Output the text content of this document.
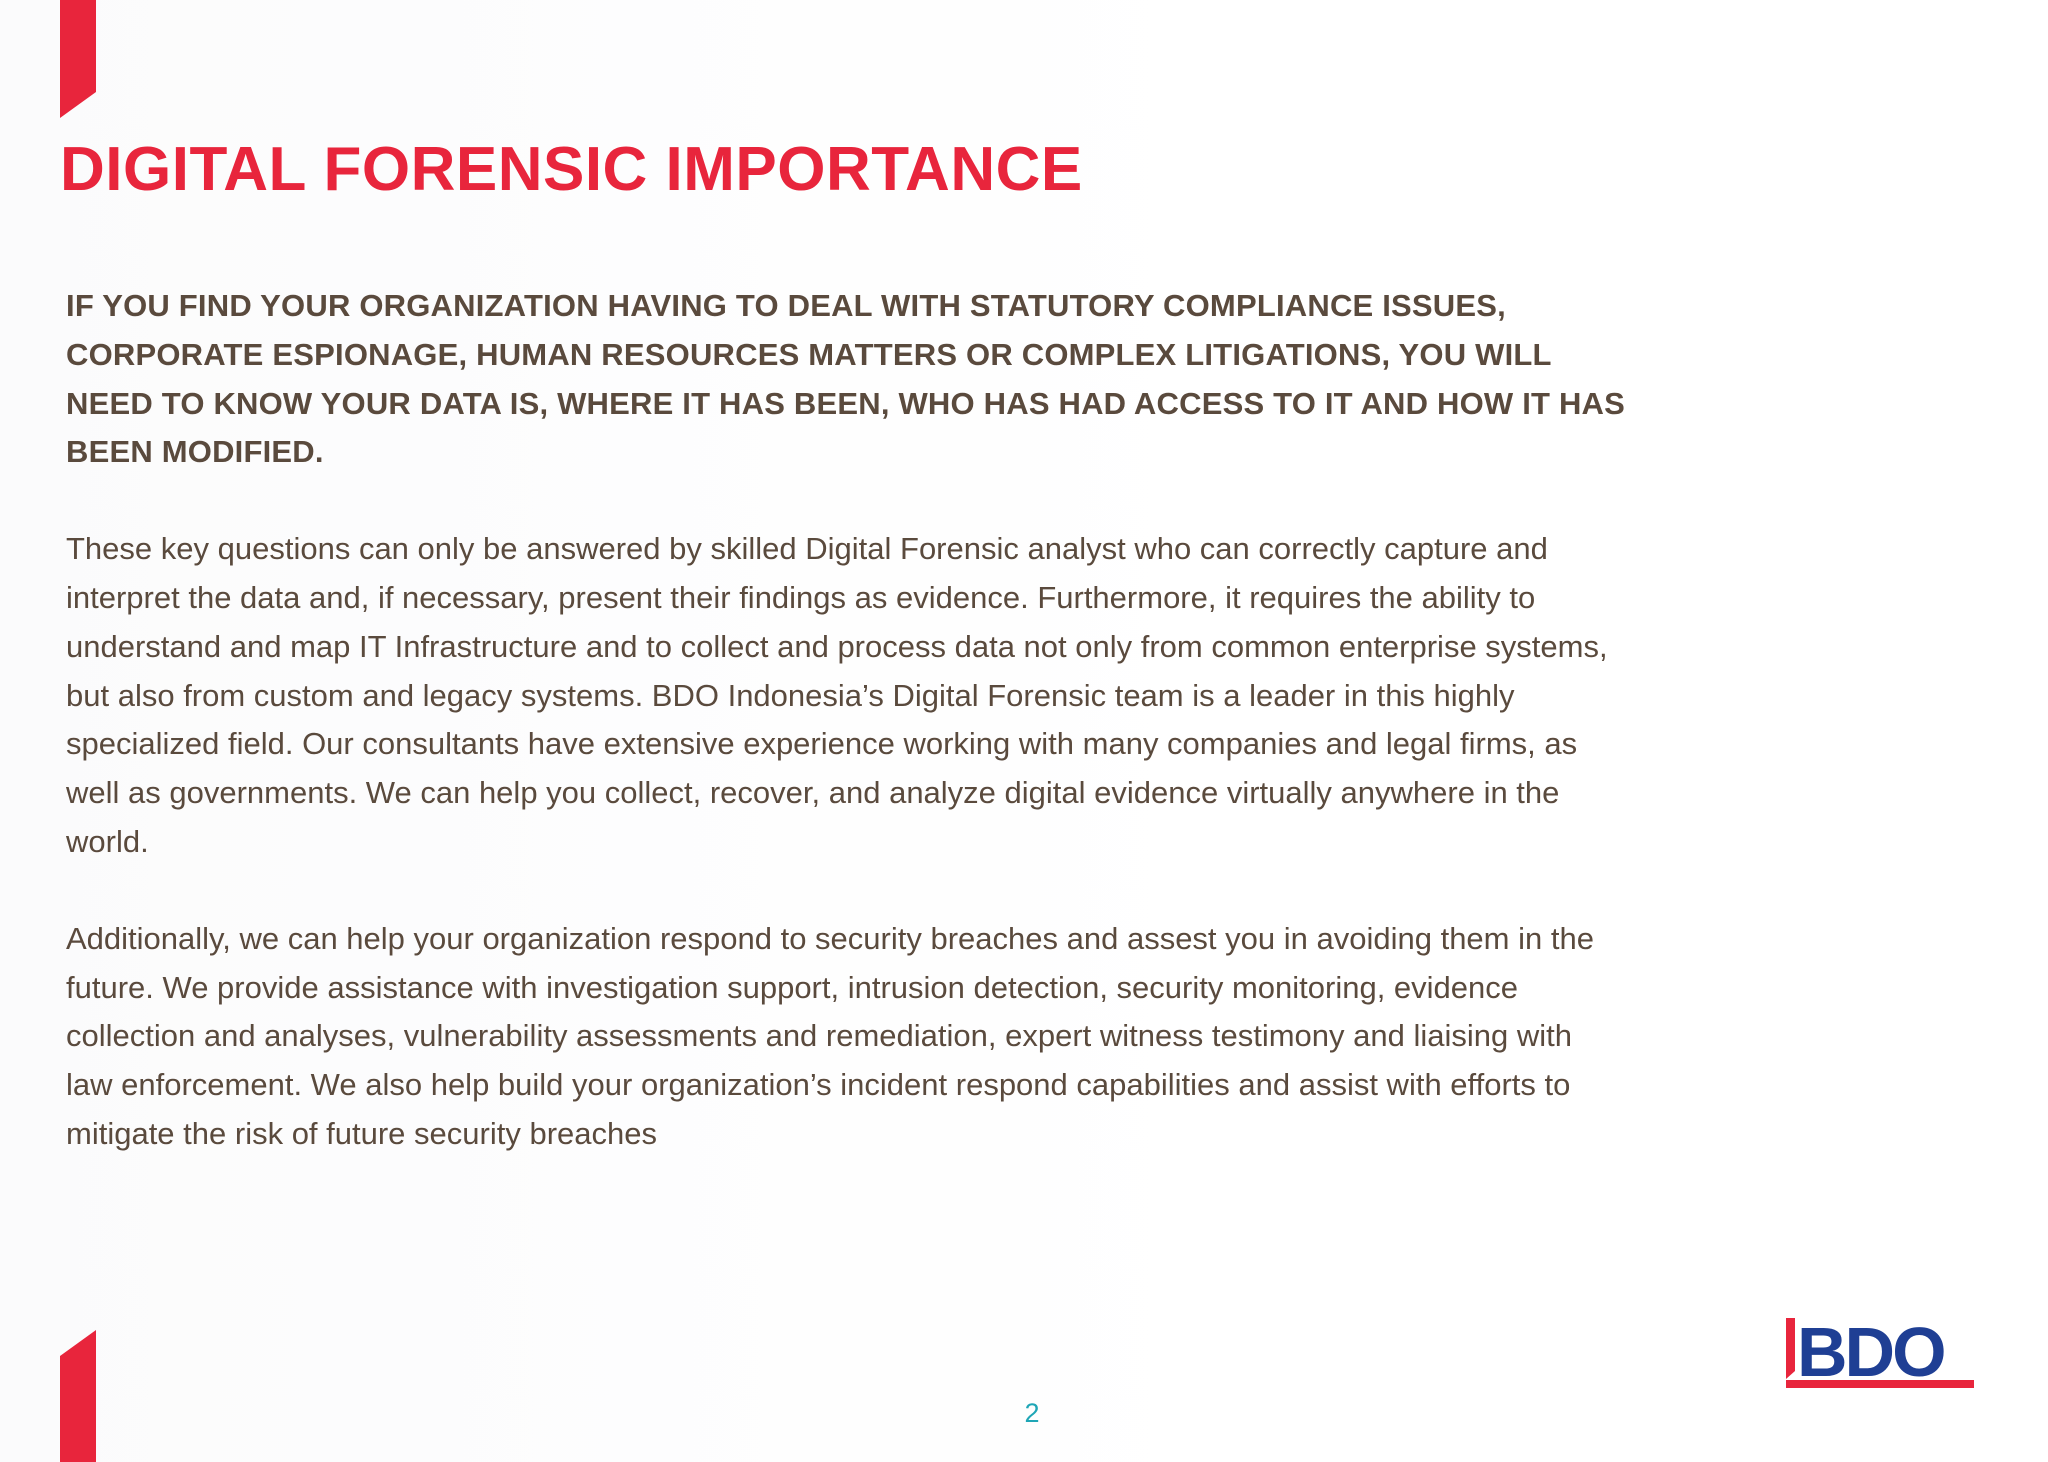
DIGITAL FORENSIC IMPORTANCE

IF YOU FIND YOUR ORGANIZATION HAVING TO DEAL WITH STATUTORY COMPLIANCE ISSUES, CORPORATE ESPIONAGE, HUMAN RESOURCES MATTERS OR COMPLEX LITIGATIONS, YOU WILL NEED TO KNOW YOUR DATA IS, WHERE IT HAS BEEN, WHO HAS HAD ACCESS TO IT AND HOW IT HAS BEEN MODIFIED.

These key questions can only be answered by skilled Digital Forensic analyst who can correctly capture and interpret the data and, if necessary, present their findings as evidence. Furthermore, it requires the ability to understand and map IT Infrastructure and to collect and process data not only from common enterprise systems, but also from custom and legacy systems. BDO Indonesia’s Digital Forensic team is a leader in this highly specialized field. Our consultants have extensive experience working with many companies and legal firms, as well as governments. We can help you collect, recover, and analyze digital evidence virtually anywhere in the world.

Additionally, we can help your organization respond to security breaches and assest you in avoiding them in the future. We provide assistance with investigation support, intrusion detection, security monitoring, evidence collection and analyses, vulnerability assessments and remediation, expert witness testimony and liaising with law enforcement. We also help build your organization’s incident respond capabilities and assist with efforts to mitigate the risk of future security breaches

2
BDO
